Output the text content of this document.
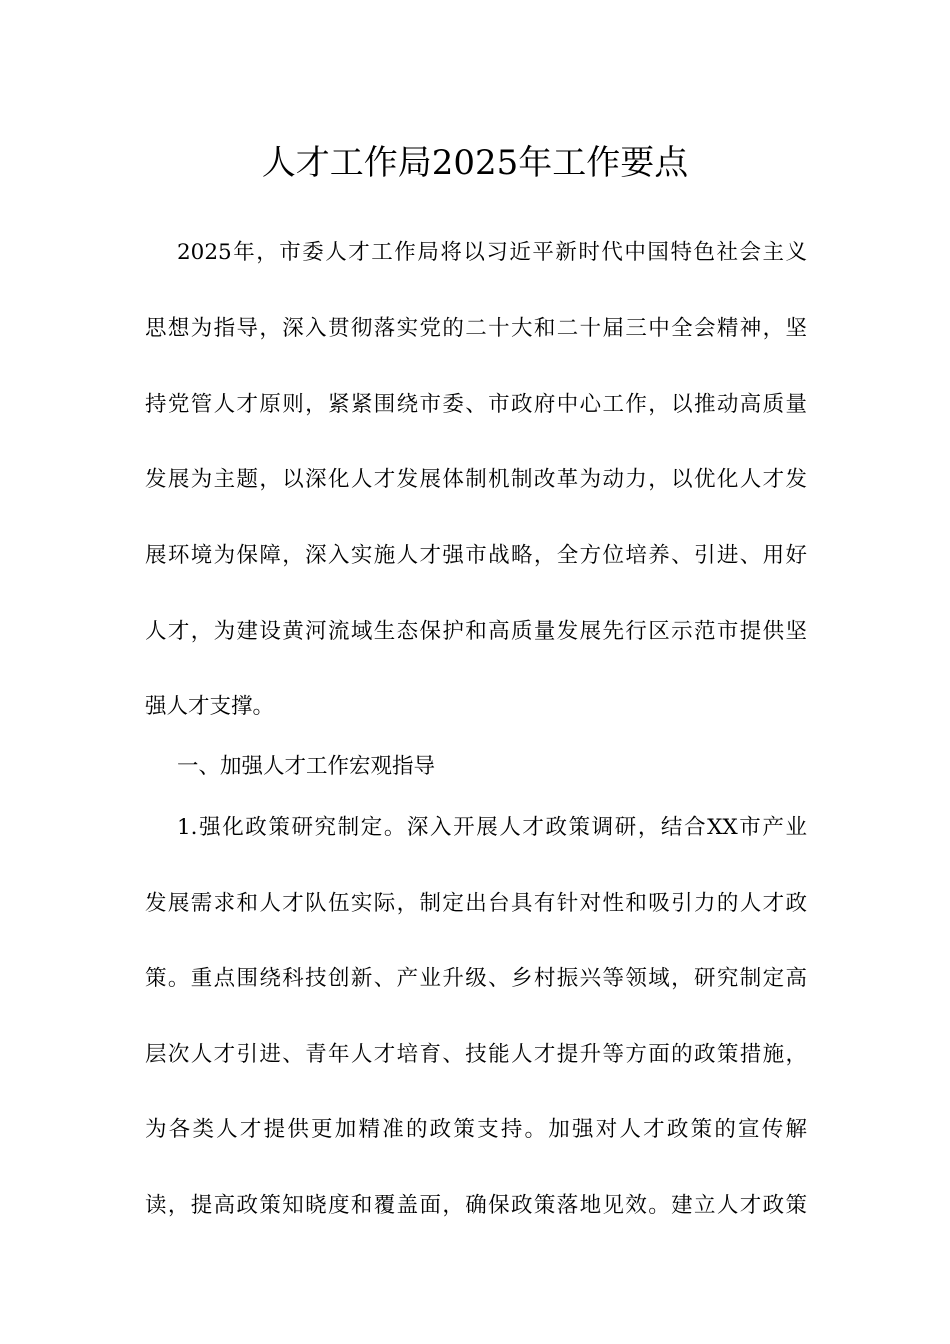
人才工作局2025年工作要点
2025年，市委人才工作局将以习近平新时代中国特色社会主义
思想为指导，深入贯彻落实党的二十大和二十届三中全会精神，坚
持党管人才原则，紧紧围绕市委、市政府中心工作，以推动高质量
发展为主题，以深化人才发展体制机制改革为动力，以优化人才发
展环境为保障，深入实施人才强市战略，全方位培养、引进、用好
人才，为建设黄河流域生态保护和高质量发展先行区示范市提供坚
强人才支撑。
一、加强人才工作宏观指导
1.强化政策研究制定。深入开展人才政策调研，结合XX市产业
发展需求和人才队伍实际，制定出台具有针对性和吸引力的人才政
策。重点围绕科技创新、产业升级、乡村振兴等领域，研究制定高
层次人才引进、青年人才培育、技能人才提升等方面的政策措施，
为各类人才提供更加精准的政策支持。加强对人才政策的宣传解
读，提高政策知晓度和覆盖面，确保政策落地见效。建立人才政策
